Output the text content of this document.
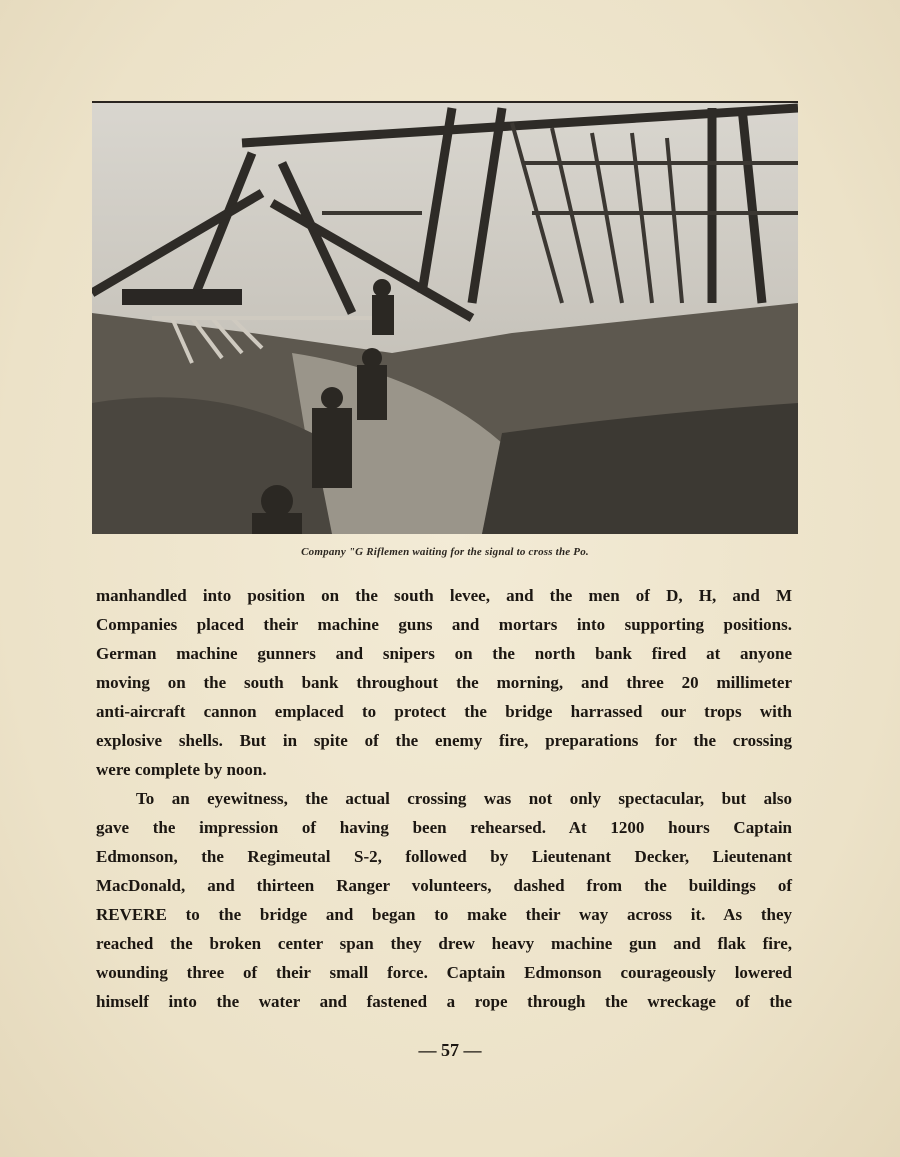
Company "G Riflemen waiting for the signal to cross the Po.
manhandled into position on the south levee, and the men of D, H, and M
Companies placed their machine guns and mortars into supporting positions.
German machine gunners and snipers on the north bank fired at anyone
moving on the south bank throughout the morning, and three 20 millimeter
anti-aircraft cannon emplaced to protect the bridge harrassed our trops with
explosive shells. But in spite of the enemy fire, preparations for the crossing
were complete by noon.
To an eyewitness, the actual crossing was not only spectacular, but also
gave the impression of having been rehearsed. At 1200 hours Captain
Edmonson, the Regimeutal S-2, followed by Lieutenant Decker, Lieutenant
MacDonald, and thirteen Ranger volunteers, dashed from the buildings of
REVERE to the bridge and began to make their way across it. As they
reached the broken center span they drew heavy machine gun and flak fire,
wounding three of their small force. Captain Edmonson courageously lowered
himself into the water and fastened a rope through the wreckage of the
— 57 —
